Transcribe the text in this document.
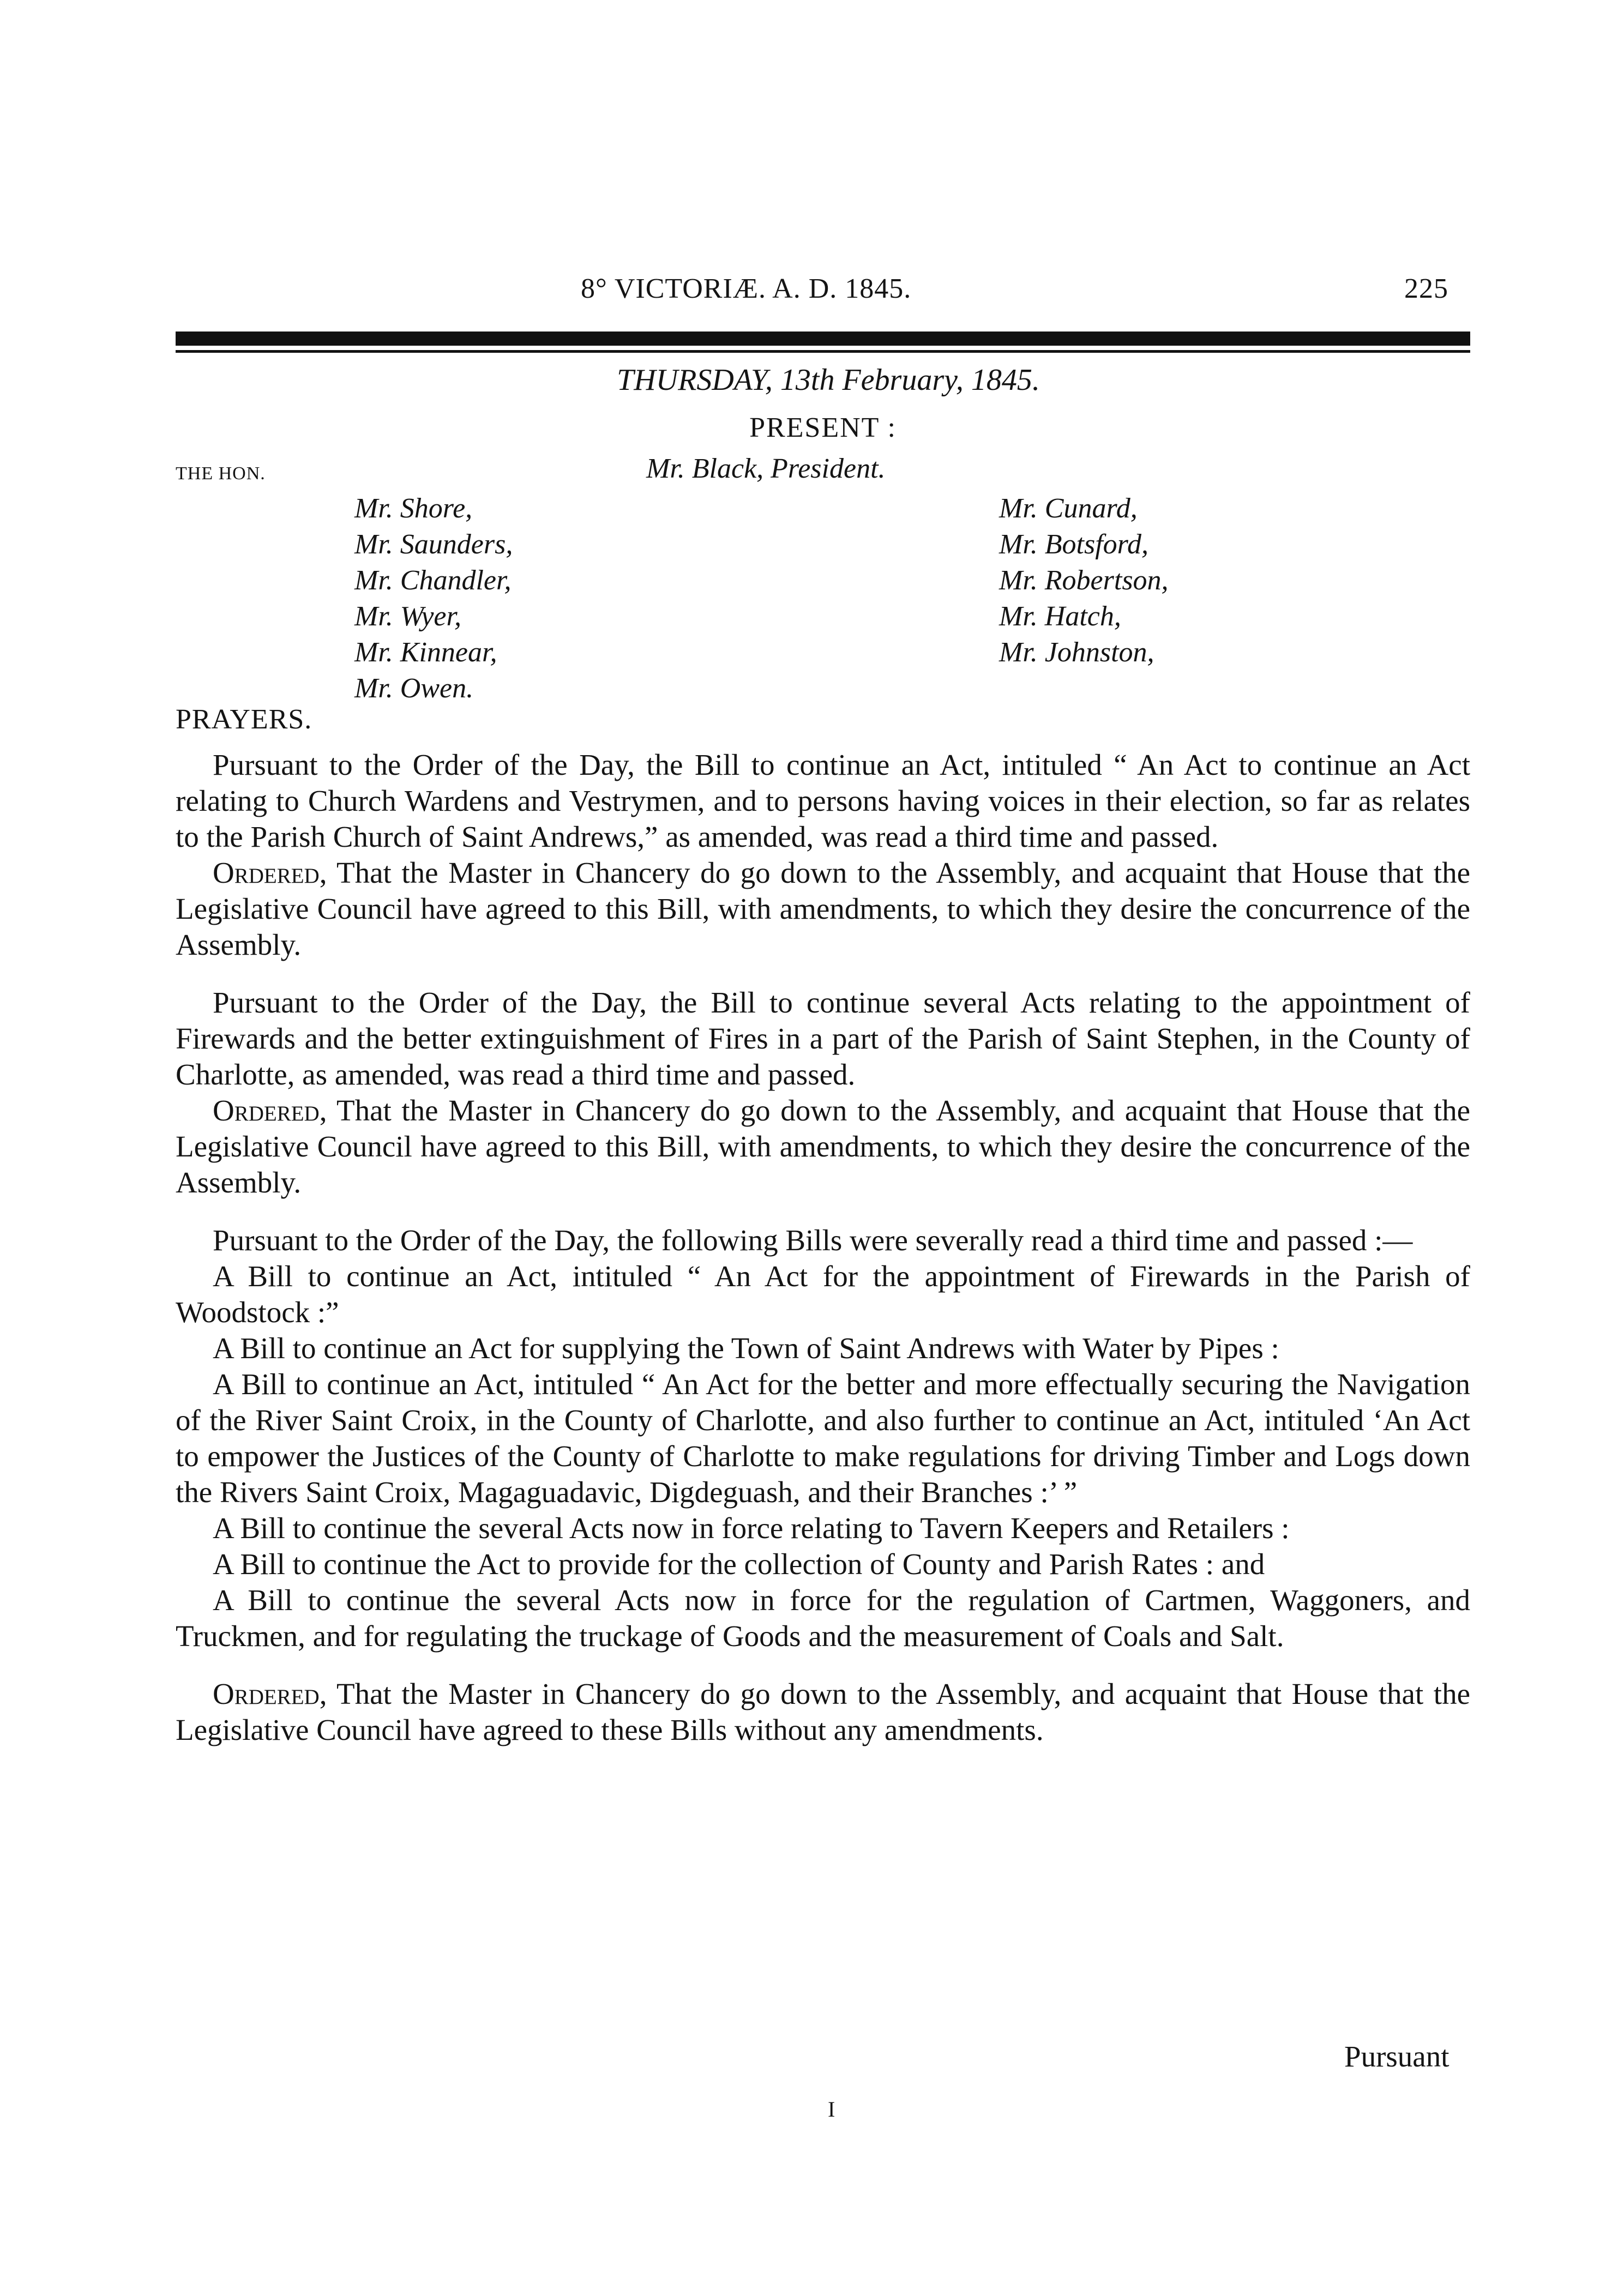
8° VICTORIÆ. A. D. 1845.	225
THURSDAY, 13th February, 1845.
PRESENT :
Mr. Black, President.
THE HON.
Mr. Shore,
Mr. Saunders,
Mr. Chandler,
Mr. Wyer,
Mr. Kinnear,
Mr. Owen.
Mr. Cunard,
Mr. Botsford,
Mr. Robertson,
Mr. Hatch,
Mr. Johnston,
PRAYERS.

Pursuant to the Order of the Day, the Bill to continue an Act, intituled “ An Act to continue an Act relating to Church Wardens and Vestrymen, and to persons having voices in their election, so far as relates to the Parish Church of Saint Andrews,” as amended, was read a third time and passed.

Ordered, That the Master in Chancery do go down to the Assembly, and acquaint that House that the Legislative Council have agreed to this Bill, with amendments, to which they desire the concurrence of the Assembly.

Pursuant to the Order of the Day, the Bill to continue several Acts relating to the appointment of Firewards and the better extinguishment of Fires in a part of the Parish of Saint Stephen, in the County of Charlotte, as amended, was read a third time and passed.

Ordered, That the Master in Chancery do go down to the Assembly, and acquaint that House that the Legislative Council have agreed to this Bill, with amendments, to which they desire the concurrence of the Assembly.

Pursuant to the Order of the Day, the following Bills were severally read a third time and passed :—

A Bill to continue an Act, intituled “ An Act for the appointment of Firewards in the Parish of Woodstock :”

A Bill to continue an Act for supplying the Town of Saint Andrews with Water by Pipes :

A Bill to continue an Act, intituled “ An Act for the better and more effectually securing the Navigation of the River Saint Croix, in the County of Charlotte, and also further to continue an Act, intituled ‘An Act to empower the Justices of the County of Charlotte to make regulations for driving Timber and Logs down the Rivers Saint Croix, Magaguadavic, Digdeguash, and their Branches :’ ”

A Bill to continue the several Acts now in force relating to Tavern Keepers and Retailers :

A Bill to continue the Act to provide for the collection of County and Parish Rates : and

A Bill to continue the several Acts now in force for the regulation of Cartmen, Waggoners, and Truckmen, and for regulating the truckage of Goods and the measurement of Coals and Salt.

Ordered, That the Master in Chancery do go down to the Assembly, and acquaint that House that the Legislative Council have agreed to these Bills without any amendments.

Pursuant
I
